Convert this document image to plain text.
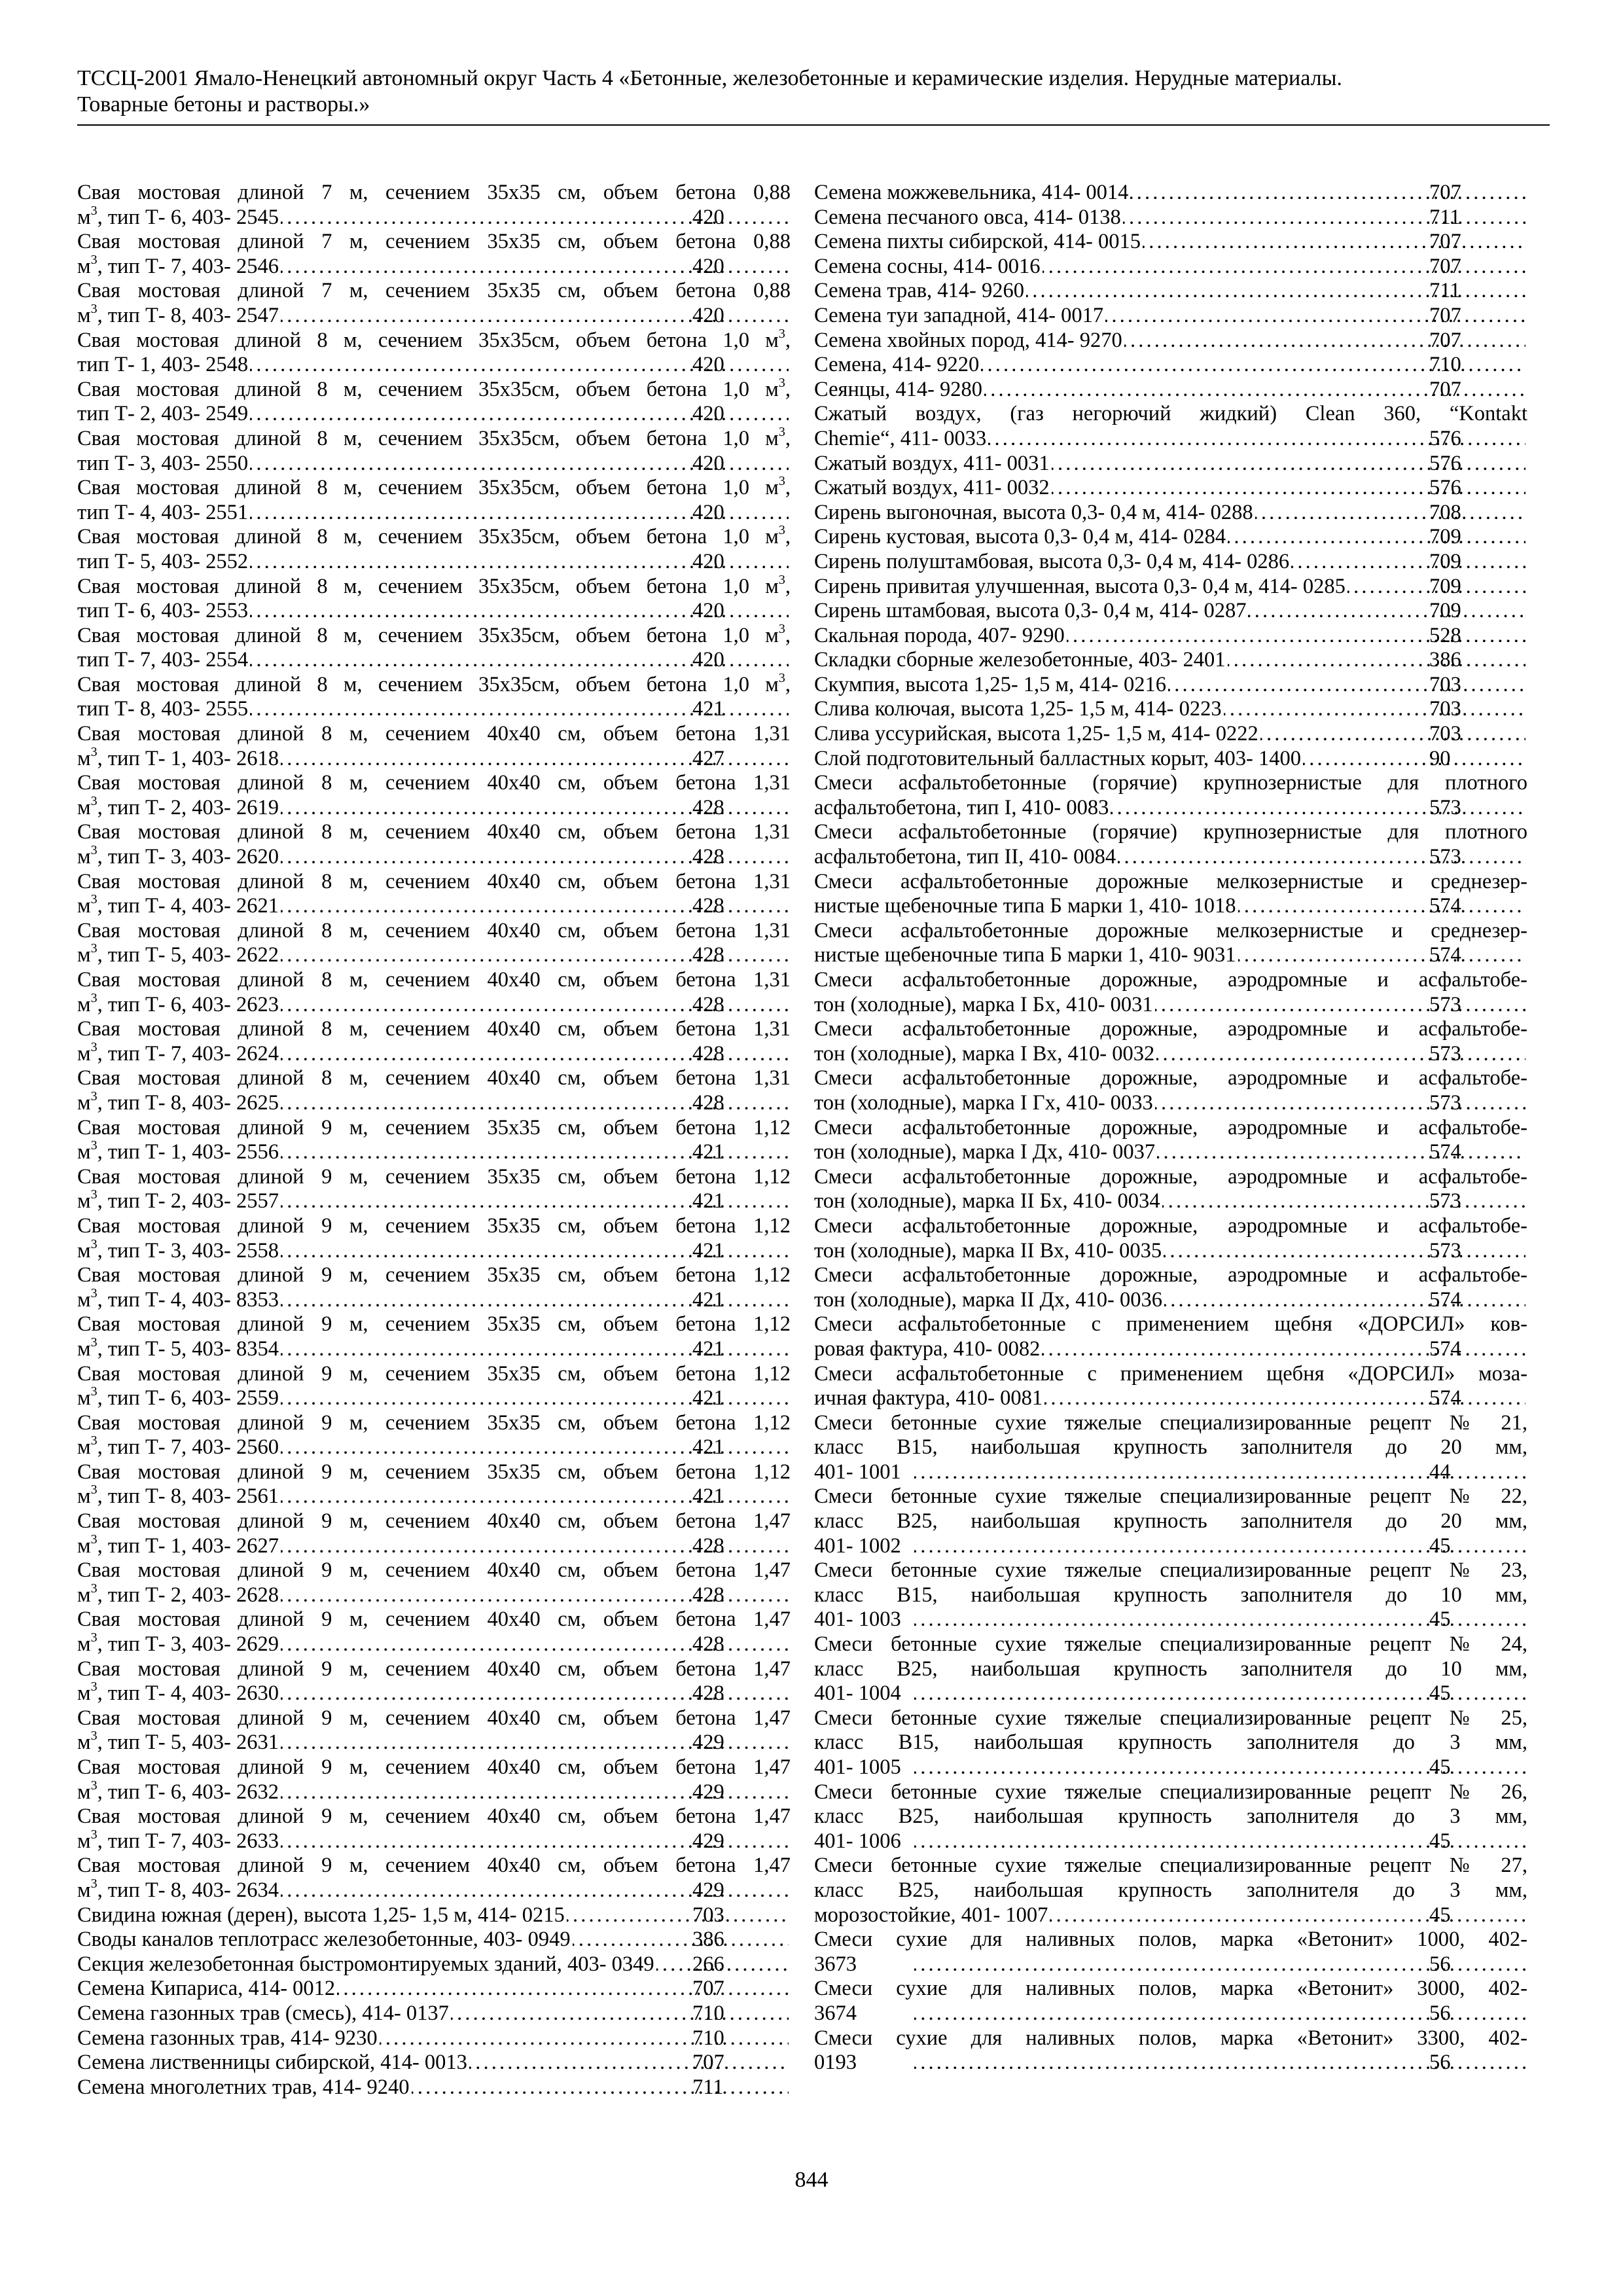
ТССЦ-2001 Ямало-Ненецкий автономный округ Часть 4 «Бетонные, железобетонные и керамические изделия. Нерудные материалы.
Товарные бетоны и растворы.»
Свая мостовая длиной 7 м, сечением 35х35 см, объем бетона 0,88
$м^3$, тип Т- 6, 403- 2545 . . .	420
Свая мостовая длиной 7 м, сечением 35х35 см, объем бетона 0,88
$м^3$, тип Т- 7, 403- 2546 . . .	420
Свая мостовая длиной 7 м, сечением 35х35 см, объем бетона 0,88
$м^3$, тип Т- 8, 403- 2547 . . .	420
Свая мостовая длиной 8 м, сечением 35х35см, объем бетона 1,0 $м^3$,
тип Т- 1, 403- 2548 . . .	420
Свая мостовая длиной 8 м, сечением 35х35см, объем бетона 1,0 $м^3$,
тип Т- 2, 403- 2549 . . .	420
Свая мостовая длиной 8 м, сечением 35х35см, объем бетона 1,0 $м^3$,
тип Т- 3, 403- 2550 . . .	420
Свая мостовая длиной 8 м, сечением 35х35см, объем бетона 1,0 $м^3$,
тип Т- 4, 403- 2551 . . .	420
Свая мостовая длиной 8 м, сечением 35х35см, объем бетона 1,0 $м^3$,
тип Т- 5, 403- 2552 . . .	420
Свая мостовая длиной 8 м, сечением 35х35см, объем бетона 1,0 $м^3$,
тип Т- 6, 403- 2553 . . .	420
Свая мостовая длиной 8 м, сечением 35х35см, объем бетона 1,0 $м^3$,
тип Т- 7, 403- 2554 . . .	420
Свая мостовая длиной 8 м, сечением 35х35см, объем бетона 1,0 $м^3$,
тип Т- 8, 403- 2555 . . .	421
Свая мостовая длиной 8 м, сечением 40х40 см, объем бетона 1,31
$м^3$, тип Т- 1, 403- 2618 . . .	427
Свая мостовая длиной 8 м, сечением 40х40 см, объем бетона 1,31
$м^3$, тип Т- 2, 403- 2619 . . .	428
Свая мостовая длиной 8 м, сечением 40х40 см, объем бетона 1,31
$м^3$, тип Т- 3, 403- 2620 . . .	428
Свая мостовая длиной 8 м, сечением 40х40 см, объем бетона 1,31
$м^3$, тип Т- 4, 403- 2621 . . .	428
Свая мостовая длиной 8 м, сечением 40х40 см, объем бетона 1,31
$м^3$, тип Т- 5, 403- 2622 . . .	428
Свая мостовая длиной 8 м, сечением 40х40 см, объем бетона 1,31
$м^3$, тип Т- 6, 403- 2623 . . .	428
Свая мостовая длиной 8 м, сечением 40х40 см, объем бетона 1,31
$м^3$, тип Т- 7, 403- 2624 . . .	428
Свая мостовая длиной 8 м, сечением 40х40 см, объем бетона 1,31
$м^3$, тип Т- 8, 403- 2625 . . .	428
Свая мостовая длиной 9 м, сечением 35х35 см, объем бетона 1,12
$м^3$, тип Т- 1, 403- 2556 . . .	421
Свая мостовая длиной 9 м, сечением 35х35 см, объем бетона 1,12
$м^3$, тип Т- 2, 403- 2557 . . .	421
Свая мостовая длиной 9 м, сечением 35х35 см, объем бетона 1,12
$м^3$, тип Т- 3, 403- 2558 . . .	421
Свая мостовая длиной 9 м, сечением 35х35 см, объем бетона 1,12
$м^3$, тип Т- 4, 403- 8353 . . .	421
Свая мостовая длиной 9 м, сечением 35х35 см, объем бетона 1,12
$м^3$, тип Т- 5, 403- 8354 . . .	421
Свая мостовая длиной 9 м, сечением 35х35 см, объем бетона 1,12
$м^3$, тип Т- 6, 403- 2559 . . .	421
Свая мостовая длиной 9 м, сечением 35х35 см, объем бетона 1,12
$м^3$, тип Т- 7, 403- 2560 . . .	421
Свая мостовая длиной 9 м, сечением 35х35 см, объем бетона 1,12
$м^3$, тип Т- 8, 403- 2561 . . .	421
Свая мостовая длиной 9 м, сечением 40х40 см, объем бетона 1,47
$м^3$, тип Т- 1, 403- 2627 . . .	428
Свая мостовая длиной 9 м, сечением 40х40 см, объем бетона 1,47
$м^3$, тип Т- 2, 403- 2628 . . .	428
Свая мостовая длиной 9 м, сечением 40х40 см, объем бетона 1,47
$м^3$, тип Т- 3, 403- 2629 . . .	428
Свая мостовая длиной 9 м, сечением 40х40 см, объем бетона 1,47
$м^3$, тип Т- 4, 403- 2630 . . .	428
Свая мостовая длиной 9 м, сечением 40х40 см, объем бетона 1,47
$м^3$, тип Т- 5, 403- 2631 . . .	429
Свая мостовая длиной 9 м, сечением 40х40 см, объем бетона 1,47
$м^3$, тип Т- 6, 403- 2632 . . .	429
Свая мостовая длиной 9 м, сечением 40х40 см, объем бетона 1,47
$м^3$, тип Т- 7, 403- 2633 . . .	429
Свая мостовая длиной 9 м, сечением 40х40 см, объем бетона 1,47
$м^3$, тип Т- 8, 403- 2634 . . .	429
Свидина южная (дерен), высота 1,25- 1,5 м, 414- 0215 . . .	703
Своды каналов теплотрасс железобетонные, 403- 0949 . . .	386
Секция железобетонная быстромонтируемых зданий, 403- 0349 . . . 266
Семена Кипариса, 414- 0012 . . .	707
Семена газонных трав (смесь), 414- 0137 . . .	710
Семена газонных трав, 414- 9230 . . .	710
Семена лиственницы сибирской, 414- 0013 . . .	707
Семена многолетних трав, 414- 9240 . . .	711
Семена можжевельника, 414- 0014 . . .	707
Семена песчаного овса, 414- 0138 . . .	711
Семена пихты сибирской, 414- 0015 . . .	707
Семена сосны, 414- 0016 . . .	707
Семена трав, 414- 9260 . . .	711
Семена туи западной, 414- 0017 . . .	707
Семена хвойных пород, 414- 9270 . . .	707
Семена, 414- 9220 . . .	710
Сеянцы, 414- 9280 . . .	707
Сжатый воздух, (газ негорючий жидкий) Clean 360, “Kontakt
Chemie“, 411- 0033 . . .	576
Сжатый воздух, 411- 0031 . . .	576
Сжатый воздух, 411- 0032 . . .	576
Сирень выгоночная, высота 0,3- 0,4 м, 414- 0288 . . .	708
Сирень кустовая, высота 0,3- 0,4 м, 414- 0284 . . .	709
Сирень полуштамбовая, высота 0,3- 0,4 м, 414- 0286 . . .	709
Сирень привитая улучшенная, высота 0,3- 0,4 м, 414- 0285 . . .	709
Сирень штамбовая, высота 0,3- 0,4 м, 414- 0287 . . .	709
Скальная порода, 407- 9290 . . .	528
Складки сборные железобетонные, 403- 2401 . . .	386
Скумпия, высота 1,25- 1,5 м, 414- 0216 . . .	703
Слива колючая, высота 1,25- 1,5 м, 414- 0223 . . .	703
Слива уссурийская, высота 1,25- 1,5 м, 414- 0222 . . .	703
Слой подготовительный балластных корыт, 403- 1400 . . .	90
Смеси асфальтобетонные (горячие) крупнозернистые для плотного
асфальтобетона, тип I, 410- 0083 . . .	573
Смеси асфальтобетонные (горячие) крупнозернистые для плотного
асфальтобетона, тип II, 410- 0084 . . .	573
Смеси асфальтобетонные дорожные мелкозернистые и среднезер-
нистые щебеночные типа Б марки 1, 410- 1018 . . .	574
Смеси асфальтобетонные дорожные мелкозернистые и среднезер-
нистые щебеночные типа Б марки 1, 410- 9031 . . .	574
Смеси асфальтобетонные дорожные, аэродромные и асфальтобе-
тон (холодные), марка I Бх, 410- 0031 . . .	573
Смеси асфальтобетонные дорожные, аэродромные и асфальтобе-
тон (холодные), марка I Вх, 410- 0032 . . .	573
Смеси асфальтобетонные дорожные, аэродромные и асфальтобе-
тон (холодные), марка I Гх, 410- 0033 . . .	573
Смеси асфальтобетонные дорожные, аэродромные и асфальтобе-
тон (холодные), марка I Дх, 410- 0037 . . .	574
Смеси асфальтобетонные дорожные, аэродромные и асфальтобе-
тон (холодные), марка II Бх, 410- 0034 . . .	573
Смеси асфальтобетонные дорожные, аэродромные и асфальтобе-
тон (холодные), марка II Вх, 410- 0035 . . .	573
Смеси асфальтобетонные дорожные, аэродромные и асфальтобе-
тон (холодные), марка II Дх, 410- 0036 . . .	574
Смеси асфальтобетонные с применением щебня «ДОРСИЛ» ков-
ровая фактура, 410- 0082 . . .	574
Смеси асфальтобетонные с применением щебня «ДОРСИЛ» моза-
ичная фактура, 410- 0081 . . .	574
Смеси бетонные сухие тяжелые специализированные рецепт № 21,
класс В15, наибольшая крупность заполнителя до 20 мм,
401- 1001 . . .	44
Смеси бетонные сухие тяжелые специализированные рецепт № 22,
класс В25, наибольшая крупность заполнителя до 20 мм,
401- 1002 . . .	45
Смеси бетонные сухие тяжелые специализированные рецепт № 23,
класс В15, наибольшая крупность заполнителя до 10 мм,
401- 1003 . . .	45
Смеси бетонные сухие тяжелые специализированные рецепт № 24,
класс В25, наибольшая крупность заполнителя до 10 мм,
401- 1004 . . .	45
Смеси бетонные сухие тяжелые специализированные рецепт № 25,
класс В15, наибольшая крупность заполнителя до 3 мм,
401- 1005 . . .	45
Смеси бетонные сухие тяжелые специализированные рецепт № 26,
класс В25, наибольшая крупность заполнителя до 3 мм,
401- 1006 . . .	45
Смеси бетонные сухие тяжелые специализированные рецепт № 27,
класс В25, наибольшая крупность заполнителя до 3 мм,
морозостойкие, 401- 1007 . . .	45
Смеси сухие для наливных полов, марка «Ветонит» 1000, 402-
3673 . . .	56
Смеси сухие для наливных полов, марка «Ветонит» 3000, 402-
3674 . . .	56
Смеси сухие для наливных полов, марка «Ветонит» 3300, 402-
0193 . . .	56
844
